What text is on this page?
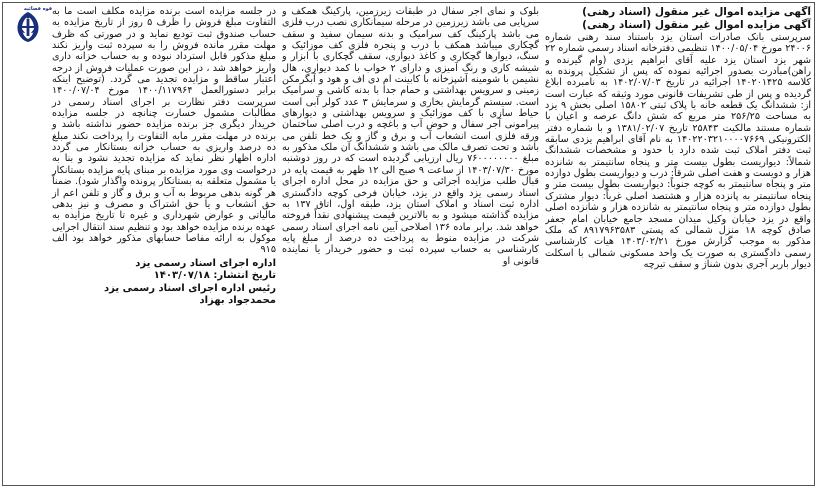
آگهی مزایده اموال غیر منقول (اسناد رهنی)

آگهی مزایده اموال غیر منقول (اسناد رهنی)

سرپرستی بانک صادرات استان یزد باستناد سند رهنی شماره ۲۴۰۰۶ مورخ ۱۴۰۰/۰۵/۰۴ تنظیمی دفترخانه اسناد رسمی شماره ۲۲ شهر یزد استان یزد علیه آقای ابراهیم یزدی (وام گیرنده و راهن)مبادرت بصدور اجرائیه نموده که پس از تشکیل پرونده به کلاسه ۱۴۰۲۰۱۴۲۵ اجرائیه در تاریخ ۱۴۰۲/۰۷/۰۳ به نامبرده ابلاغ گردیده و پس از طی تشریفات قانونی مورد وثیقه که عبارت است از: ششدانگ یک قطعه خانه با پلاک ثبتی ۱۵۸۰۲ اصلی بخش ۹ یزد به مساحت ۲۵۶/۲۵ متر مربع که شش دانگ عرصه و اعیان با شماره مستند مالکیت ۲۵۸۴۳ تاریخ ۱۳۸۱/۰۲/۰۷ و با شماره دفتر الکترونیکی ۱۴۰۲۲۰۳۲۱۰۰۰۰۷۶۶۹ به نام آقای ابراهیم یزدی سابقه ثبت دفتر املاک ثبت شده دارد با حدود و مشخصات ششدانگ شمالاً: دیواریست بطول بیست متر و پنجاه سانتیمتر به شانزده هزار و دویست و هفت اصلی شرقاً: درب و دیواریست بطول دوازده متر و پنجاه سانتیمتر به کوچه جنوباً: دیواریست بطول بیست متر و پنجاه سانتیمتر به پانزده هزار و هشتصد اصلی غرباً: دیوار مشترک بطول دوازده متر و پنجاه سانتیمتر به شانزده هزار و شانزده اصلی واقع در یزد خیابان وکیل میدان مسجد جامع خیابان امام جعفر صادق کوچه ۱۸ منزل شمالی که پستی ۸۹۱۷۹۶۳۵۸۳ که ملک مذکور به موجب گزارش مورخ ۱۴۰۳/۰۲/۲۱ هیات کارشناسی رسمی دادگستری به صورت یک واحد مسکونی شمالی با اسکلت دیوار باربر آجری بدون شناژ و سقف تیرچه

بلوک و نمای آجر سفال در طبقات زیرزمین، پارکینگ همکف و سرپایی می باشد زیرزمین در مرحله سیمانکاری نصب درب فلزی می باشد پارکینگ کف سرامیک و بدنه سیمان سفید و سقف گچکاری میباشد همکف با درب و پنجره فلزی کف موزائیک و سنگ، دیوارها گچکاری و کاغذ دیواری، سقف گچکاری با ابزار و شیشه کاری و رنگ آمیزی و دارای ۲ خواب با کمد دیواری، هال نشیمن با شومینه آشپزخانه با کابینت ام دی اف و هود و آبگرمکن زمینی و سرویس بهداشتی و حمام جدا با بدنه کاشی و سرامیک است. سیستم گرمایش بخاری و سرمایش ۳ عدد کولر آبی است حیاط سازی با کف موزائیک و سرویس بهداشتی و دیوارهای پیرامونی آجر سفال و حوض آب و باغچه و درب اصلی ساختمان ورقه فلزی است انشعاب آب و برق و گاز و یک خط تلفن می باشد و تحت تصرف مالک می باشد و ششدانگ آن ملک مذکور به مبلغ ۷۶۰۰۰۰۰۰۰۰ ریال ارزیابی گردیده است که در روز دوشنبه مورخ ۱۴۰۳/۰۷/۳۰ از ساعت ۹ صبح الی ۱۲ ظهر به قیمت پایه در قبال طلب مزایده اجرائی و حق مزایده در محل اداره اجرای اسناد رسمی یزد واقع در یزد، خیابان فرخی کوچه دادگستری اداره ثبت اسناد و املاک استان یزد، طبقه اول، اتاق ۱۳۷ به مزایده گذاشته میشود و به بالاترین قیمت پیشنهادی نقداً فروخته خواهد شد. برابر ماده ۱۳۶ اصلاحی آیین نامه اجرای اسناد رسمی شرکت در مزایده منوط به پرداخت ده درصد از مبلغ پایه کارشناسی به حساب سپرده ثبت و حضور خریدار یا نماینده قانونی او

در جلسه مزایده است برنده مزایده مکلف است ما به التفاوت مبلغ فروش را ظرف ۵ روز از تاریخ مزایده به حساب صندوق ثبت تودیع نماید و در صورتی که ظرف مهلت مقرر مانده فروش را به سپرده ثبت واریز نکند مبلغ مذکور قابل استرداد نبوده و به حساب خزانه داری واریز خواهد شد ، در این صورت عملیات فروش از درجه اعتبار ساقط و مزایده تجدید می گردد. (توضیح اینکه برابر دستورالعمل ۱۴۰۰/۱۱۷۹۶۴ مورخ ۱۴۰۰/۰۷/۰۴ سرپرست دفتر نظارت بر اجرای اسناد رسمی در مطالبات مشمول خسارت چنانچه در جلسه مزایده خریدار دیگری جز برنده مزایده حضور نداشته باشد و برنده در مهلت مقرر مابه التفاوت را پرداخت نکند مبلغ ده درصد واریزی به حساب خزانه بستانکار می گردد اداره اظهار نظر نماید که مزایده تجدید نشود و بنا به درخواست وی مورد مزایده بر مبنای پایه مزایده بستانکار یا مشمول متعلقه به بستانکار پرونده واگذار شود). ضمناً هر گونه بدهی مربوط به آب و برق و گاز و تلفن اعم از حق انشعاب و یا حق اشتراک و مصرف و نیز بدهی مالیاتی و عوارض شهرداری و غیره تا تاریخ مزایده به عهده برنده مزایده خواهد بود و تنظیم سند انتقال اجرایی موکول به ارائه مفاصا حسابهای مذکور خواهد بود الف ۹۱۵

اداره اجرای اسناد رسمی یزد

تاریخ انتشار: ۱۴۰۳/۰۷/۱۸

رئیس اداره اجرای اسناد رسمی یزد

محمدجواد بهزاد

قوه قضائیه
